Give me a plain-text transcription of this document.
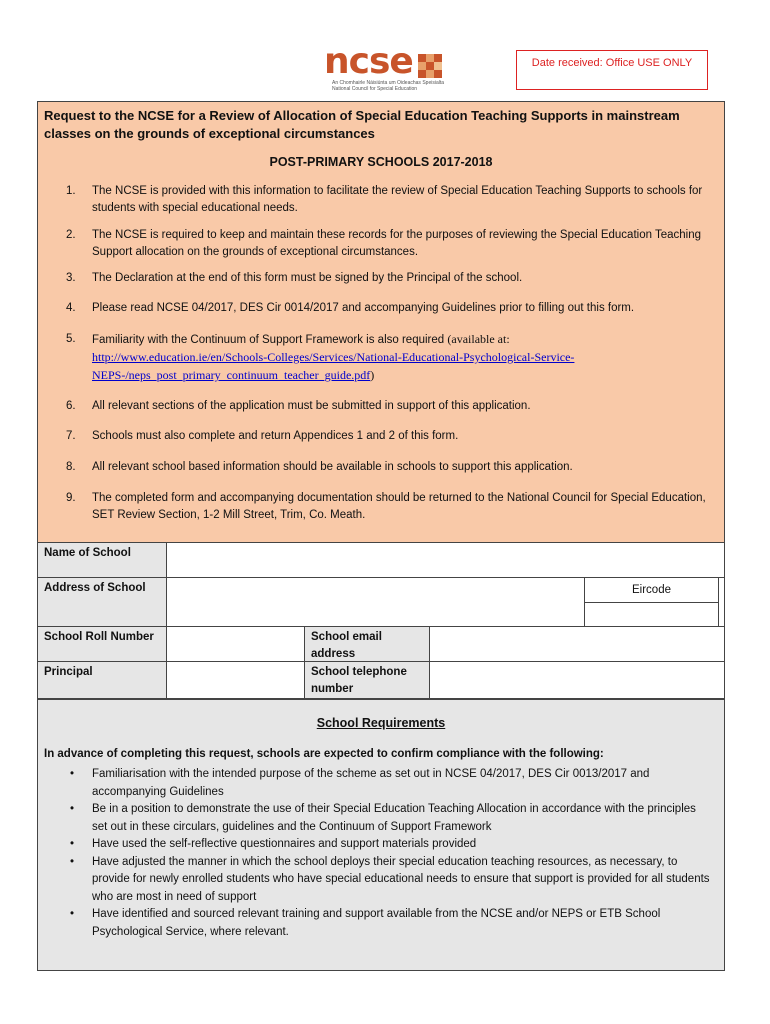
ncse
An Chomhairle Náisiúnta um Oideachas Speisialta
National Council for Special Education
Date received: Office USE ONLY
Request to the NCSE for a Review of Allocation of Special Education Teaching Supports in mainstream classes on the grounds of exceptional circumstances
POST-PRIMARY SCHOOLS 2017-2018
1.	The NCSE is provided with this information to facilitate the review of Special Education Teaching Supports to schools for students with special educational needs.
2.	The NCSE is required to keep and maintain these records for the purposes of reviewing the Special Education Teaching Support allocation on the grounds of exceptional circumstances.
3.	The Declaration at the end of this form must be signed by the Principal of the school.
4.	Please read NCSE 04/2017, DES Cir 0014/2017 and accompanying Guidelines prior to filling out this form.
5.	Familiarity with the Continuum of Support Framework is also required (available at:
http://www.education.ie/en/Schools-Colleges/Services/National-Educational-Psychological-Service-NEPS-/neps_post_primary_continuum_teacher_guide.pdf)
6.	All relevant sections of the application must be submitted in support of this application.
7.	Schools must also complete and return Appendices 1 and 2 of this form.
8.	All relevant school based information should be available in schools to support this application.
9.	The completed form and accompanying documentation should be returned to the National Council for Special Education, SET Review Section, 1-2 Mill Street, Trim, Co. Meath.
Name of School
Address of School	Eircode
School Roll Number	School email address
Principal	School telephone number
School Requirements
In advance of completing this request, schools are expected to confirm compliance with the following:
• Familiarisation with the intended purpose of the scheme as set out in NCSE 04/2017, DES Cir 0013/2017 and accompanying Guidelines
• Be in a position to demonstrate the use of their Special Education Teaching Allocation in accordance with the principles set out in these circulars, guidelines and the Continuum of Support Framework
• Have used the self-reflective questionnaires and support materials provided
• Have adjusted the manner in which the school deploys their special education teaching resources, as necessary, to provide for newly enrolled students who have special educational needs to ensure that support is provided for all students who are most in need of support
• Have identified and sourced relevant training and support available from the NCSE and/or NEPS or ETB School Psychological Service, where relevant.
